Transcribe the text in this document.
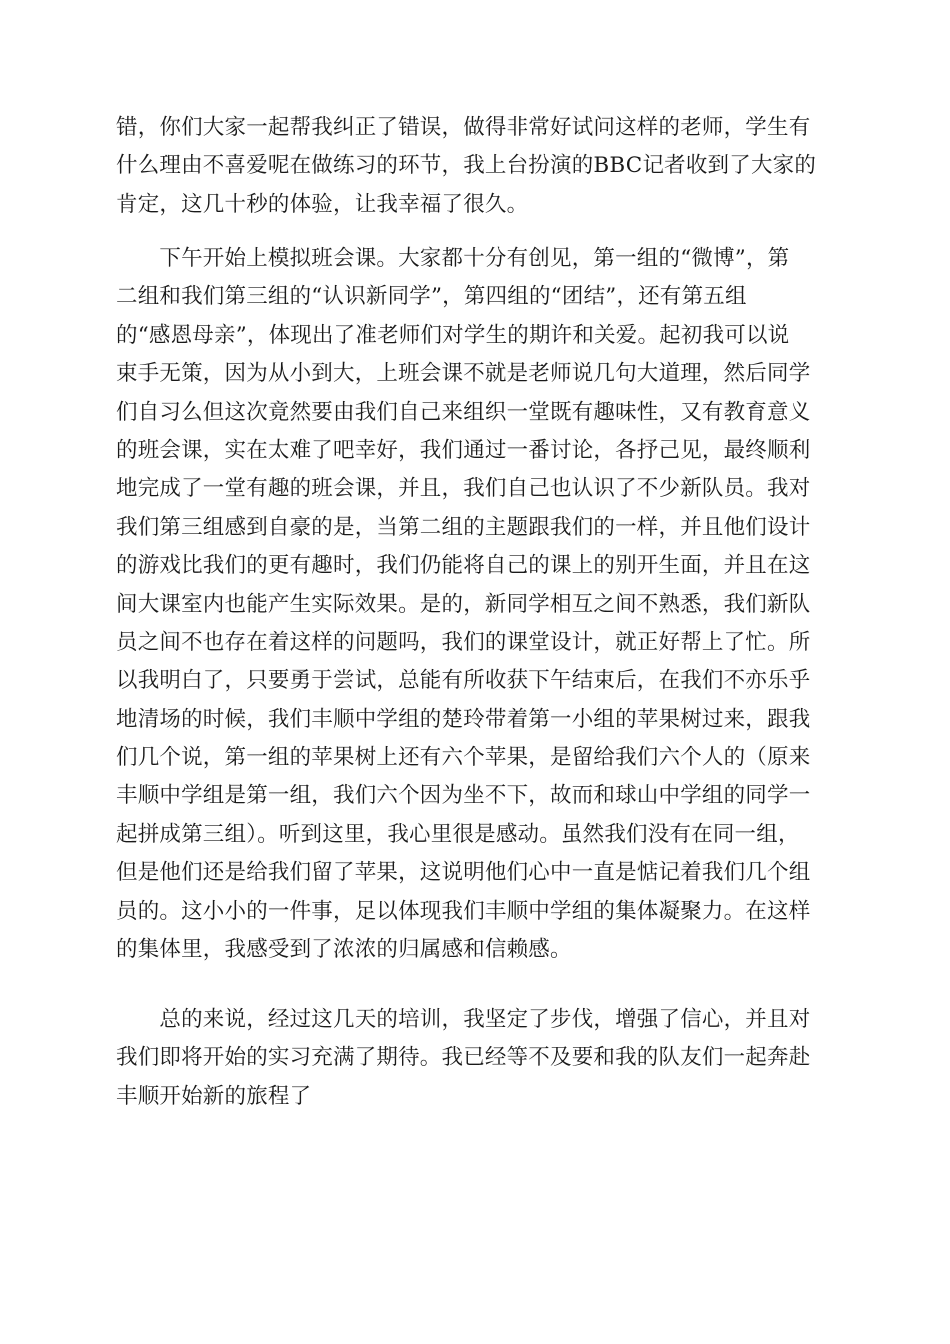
错，你们大家一起帮我纠正了错误，做得非常好试问这样的老师，学生有
什么理由不喜爱呢在做练习的环节，我上台扮演的BBC记者收到了大家的
肯定，这几十秒的体验，让我幸福了很久。
　　下午开始上模拟班会课。大家都十分有创见，第一组的“微博”，第
二组和我们第三组的“认识新同学”，第四组的“团结”，还有第五组
的“感恩母亲”，体现出了准老师们对学生的期许和关爱。起初我可以说
束手无策，因为从小到大，上班会课不就是老师说几句大道理，然后同学
们自习么但这次竟然要由我们自己来组织一堂既有趣味性，又有教育意义
的班会课，实在太难了吧幸好，我们通过一番讨论，各抒己见，最终顺利
地完成了一堂有趣的班会课，并且，我们自己也认识了不少新队员。我对
我们第三组感到自豪的是，当第二组的主题跟我们的一样，并且他们设计
的游戏比我们的更有趣时，我们仍能将自己的课上的别开生面，并且在这
间大课室内也能产生实际效果。是的，新同学相互之间不熟悉，我们新队
员之间不也存在着这样的问题吗，我们的课堂设计，就正好帮上了忙。所
以我明白了，只要勇于尝试，总能有所收获下午结束后，在我们不亦乐乎
地清场的时候，我们丰顺中学组的楚玲带着第一小组的苹果树过来，跟我
们几个说，第一组的苹果树上还有六个苹果，是留给我们六个人的（原来
丰顺中学组是第一组，我们六个因为坐不下，故而和球山中学组的同学一
起拼成第三组）。听到这里，我心里很是感动。虽然我们没有在同一组，
但是他们还是给我们留了苹果，这说明他们心中一直是惦记着我们几个组
员的。这小小的一件事，足以体现我们丰顺中学组的集体凝聚力。在这样
的集体里，我感受到了浓浓的归属感和信赖感。
　　总的来说，经过这几天的培训，我坚定了步伐，增强了信心，并且对
我们即将开始的实习充满了期待。我已经等不及要和我的队友们一起奔赴
丰顺开始新的旅程了
